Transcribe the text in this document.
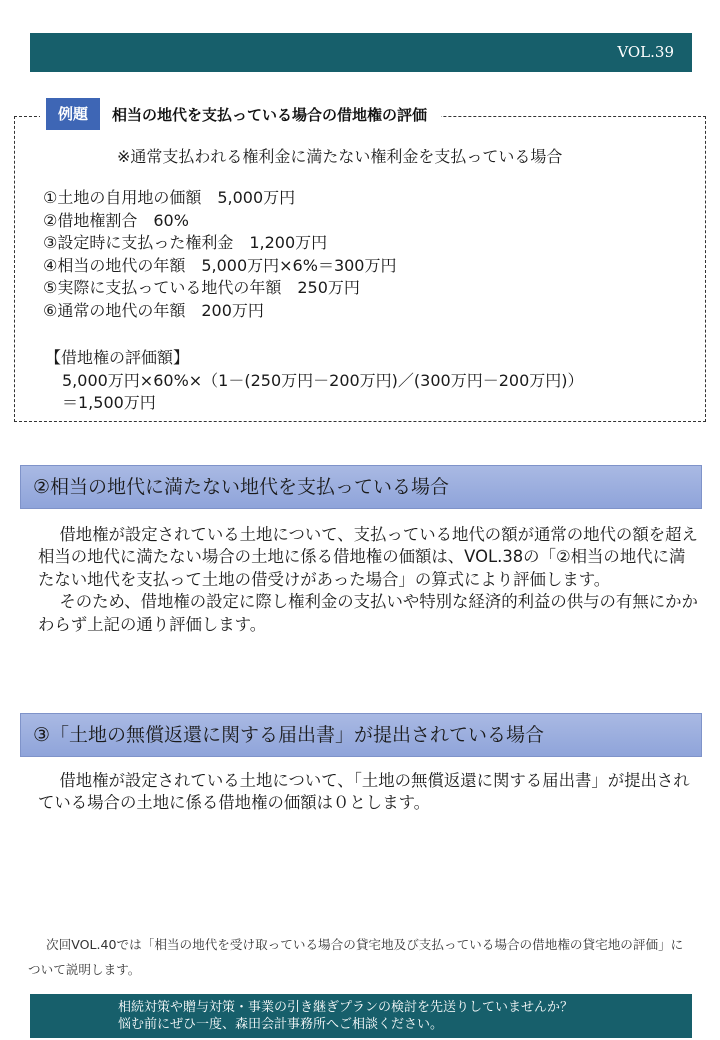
VOL.39
例題	相当の地代を支払っている場合の借地権の評価
※通常支払われる権利金に満たない権利金を支払っている場合
①土地の自用地の価額　5,000万円
②借地権割合　60%
③設定時に支払った権利金　1,200万円
④相当の地代の年額　5,000万円×6%＝300万円
⑤実際に支払っている地代の年額　250万円
⑥通常の地代の年額　200万円
【借地権の評価額】
5,000万円×60%×（1－(250万円－200万円)／(300万円－200万円)）
＝1,500万円
②相当の地代に満たない地代を支払っている場合

借地権が設定されている土地について、支払っている地代の額が通常の地代の額を超え相当の地代に満たない場合の土地に係る借地権の価額は、VOL.38の「②相当の地代に満たない地代を支払って土地の借受けがあった場合」の算式により評価します。

そのため、借地権の設定に際し権利金の支払いや特別な経済的利益の供与の有無にかかわらず上記の通り評価します。

③「土地の無償返還に関する届出書」が提出されている場合

借地権が設定されている土地について、「土地の無償返還に関する届出書」が提出されている場合の土地に係る借地権の価額は０とします。

次回VOL.40では「相当の地代を受け取っている場合の貸宅地及び支払っている場合の借地権の貸宅地の評価」について説明します。
相続対策や贈与対策・事業の引き継ぎプランの検討を先送りしていませんか？
悩む前にぜひ一度、森田会計事務所へご相談ください。
